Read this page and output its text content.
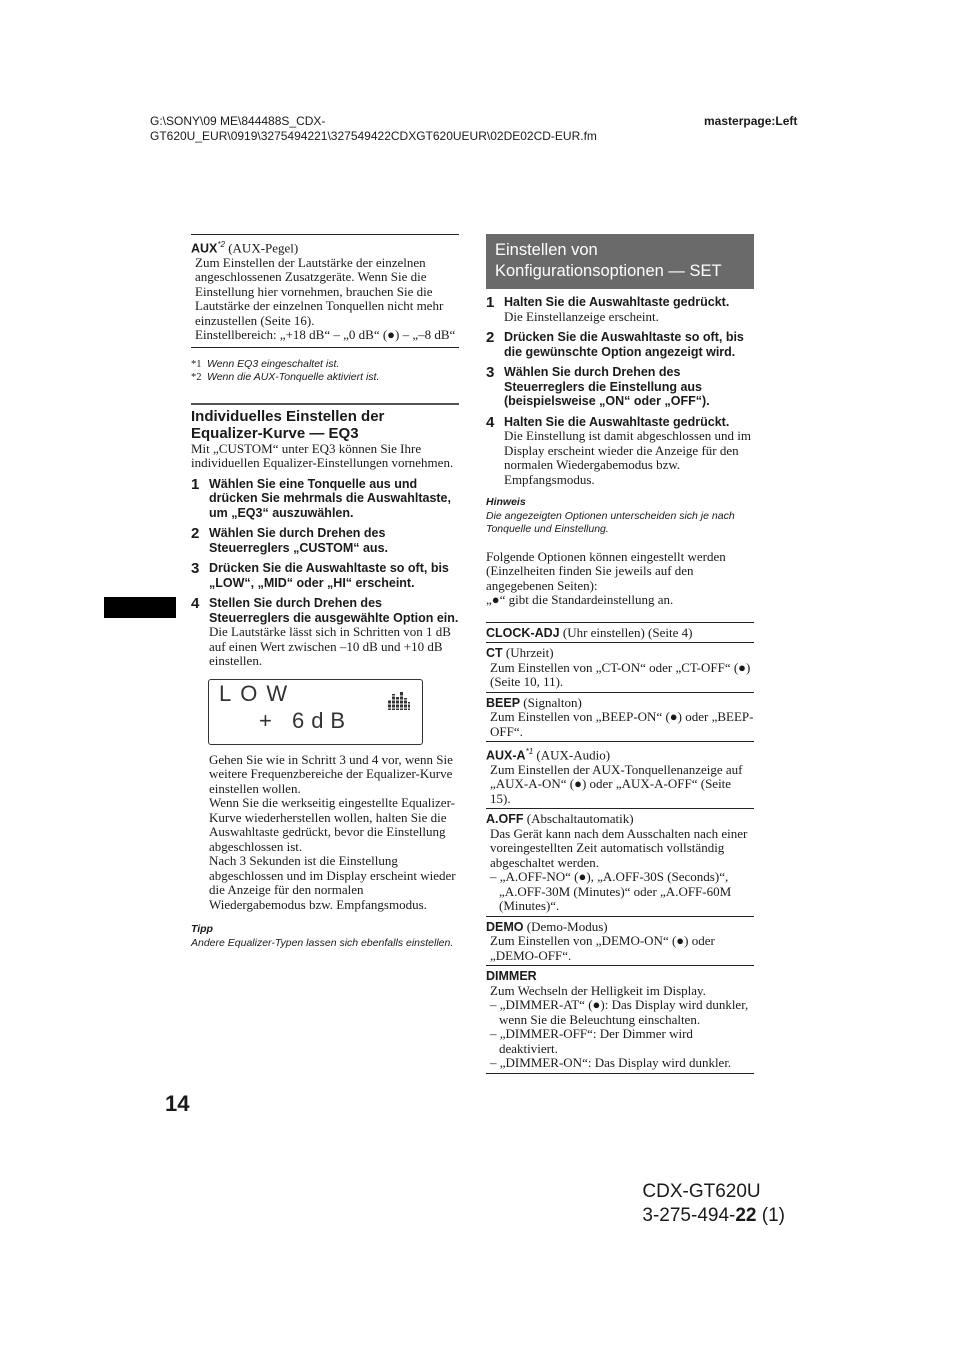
G:\SONY\09 ME\844488S_CDX-
GT620U_EUR\0919\3275494221\327549422CDXGT620UEUR\02DE02CD-EUR.fm
masterpage:Left
AUX$^{*2}$ (AUX-Pegel)
Zum Einstellen der Lautstärke der einzelnen angeschlossenen Zusatzgeräte. Wenn Sie die Einstellung hier vornehmen, brauchen Sie die Lautstärke der einzelnen Tonquellen nicht mehr einzustellen (Seite 16).
Einstellbereich: „+18 dB“ – „0 dB“ (●) – „–8 dB“
*1 Wenn EQ3 eingeschaltet ist.
*2 Wenn die AUX-Tonquelle aktiviert ist.
Individuelles Einstellen der Equalizer-Kurve — EQ3
Mit „CUSTOM“ unter EQ3 können Sie Ihre individuellen Equalizer-Einstellungen vornehmen.
1 Wählen Sie eine Tonquelle aus und drücken Sie mehrmals die Auswahltaste, um „EQ3“ auszuwählen.
2 Wählen Sie durch Drehen des Steuerreglers „CUSTOM“ aus.
3 Drücken Sie die Auswahltaste so oft, bis „LOW“, „MID“ oder „HI“ erscheint.
4 Stellen Sie durch Drehen des Steuerreglers die ausgewählte Option ein.
Die Lautstärke lässt sich in Schritten von 1 dB auf einen Wert zwischen –10 dB und +10 dB einstellen.
LOW
+ 6dB
Gehen Sie wie in Schritt 3 und 4 vor, wenn Sie weitere Frequenzbereiche der Equalizer-Kurve einstellen wollen.
Wenn Sie die werkseitig eingestellte Equalizer-Kurve wiederherstellen wollen, halten Sie die Auswahltaste gedrückt, bevor die Einstellung abgeschlossen ist.
Nach 3 Sekunden ist die Einstellung abgeschlossen und im Display erscheint wieder die Anzeige für den normalen Wiedergabemodus bzw. Empfangsmodus.
Tipp
Andere Equalizer-Typen lassen sich ebenfalls einstellen.
Einstellen von Konfigurationsoptionen — SET
1 Halten Sie die Auswahltaste gedrückt.
Die Einstellanzeige erscheint.
2 Drücken Sie die Auswahltaste so oft, bis die gewünschte Option angezeigt wird.
3 Wählen Sie durch Drehen des Steuerreglers die Einstellung aus (beispielsweise „ON“ oder „OFF“).
4 Halten Sie die Auswahltaste gedrückt.
Die Einstellung ist damit abgeschlossen und im Display erscheint wieder die Anzeige für den normalen Wiedergabemodus bzw. Empfangsmodus.
Hinweis
Die angezeigten Optionen unterscheiden sich je nach Tonquelle und Einstellung.
Folgende Optionen können eingestellt werden (Einzelheiten finden Sie jeweils auf den angegebenen Seiten):
„●“ gibt die Standardeinstellung an.
CLOCK-ADJ (Uhr einstellen) (Seite 4)
CT (Uhrzeit)
Zum Einstellen von „CT-ON“ oder „CT-OFF“ (●) (Seite 10, 11).
BEEP (Signalton)
Zum Einstellen von „BEEP-ON“ (●) oder „BEEP-OFF“.
AUX-$A^{*1}$ (AUX-Audio)
Zum Einstellen der AUX-Tonquellenanzeige auf „AUX-A-ON“ (●) oder „AUX-A-OFF“ (Seite 15).
A.OFF (Abschaltautomatik)
Das Gerät kann nach dem Ausschalten nach einer voreingestellten Zeit automatisch vollständig abgeschaltet werden.
– „A.OFF-NO“ (●), „A.OFF-30S (Seconds)“, „A.OFF-30M (Minutes)“ oder „A.OFF-60M (Minutes)“.
DEMO (Demo-Modus)
Zum Einstellen von „DEMO-ON“ (●) oder „DEMO-OFF“.
DIMMER
Zum Wechseln der Helligkeit im Display.
– „DIMMER-AT“ (●): Das Display wird dunkler, wenn Sie die Beleuchtung einschalten.
– „DIMMER-OFF“: Der Dimmer wird deaktiviert.
– „DIMMER-ON“: Das Display wird dunkler.
14
CDX-GT620U
3-275-494-22 (1)
